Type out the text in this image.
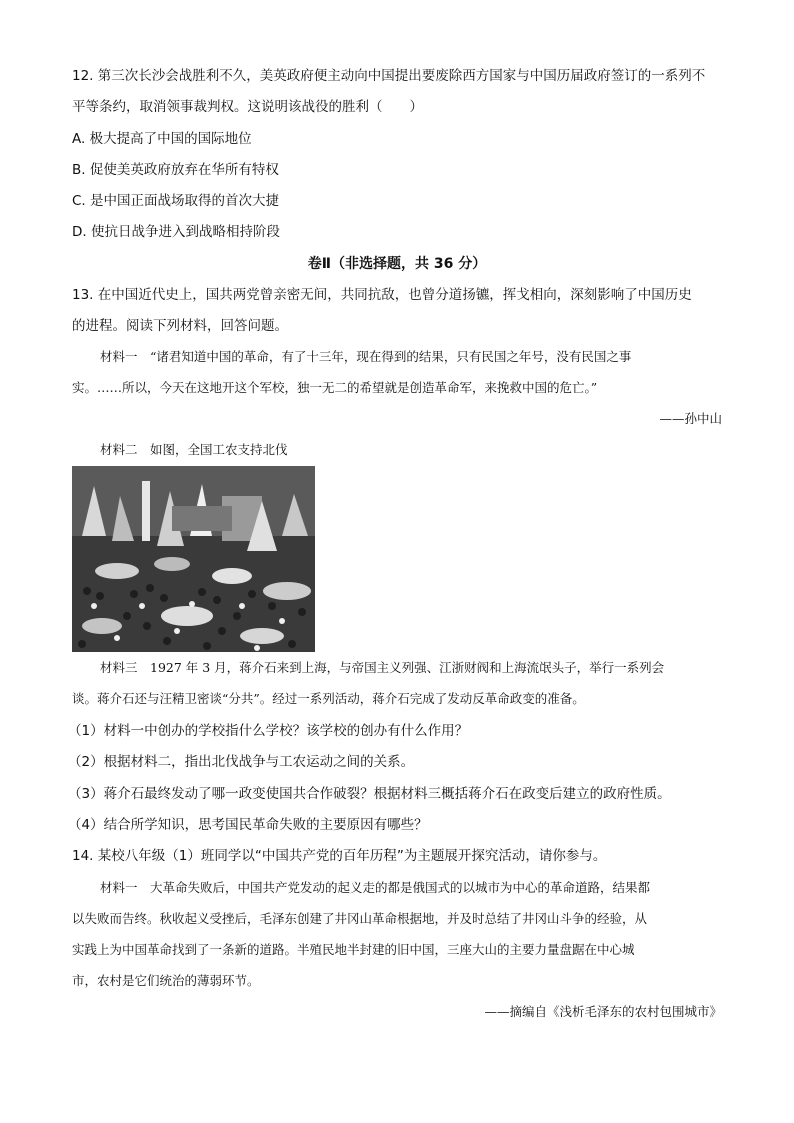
12. 第三次长沙会战胜利不久，美英政府便主动向中国提出要废除西方国家与中国历届政府签订的一系列不
平等条约，取消领事裁判权。这说明该战役的胜利（　　）
A. 极大提高了中国的国际地位
B. 促使美英政府放弃在华所有特权
C. 是中国正面战场取得的首次大捷
D. 使抗日战争进入到战略相持阶段
卷Ⅱ（非选择题，共 36 分）
13. 在中国近代史上，国共两党曾亲密无间，共同抗敌，也曾分道扬镳，挥戈相向，深刻影响了中国历史
的进程。阅读下列材料，回答问题。
材料一　“诸君知道中国的革命，有了十三年，现在得到的结果，只有民国之年号，没有民国之事
实。……所以，今天在这地开这个军校，独一无二的希望就是创造革命军，来挽救中国的危亡。”
——孙中山
材料二　如图，全国工农支持北伐
材料三　1927 年 3 月，蒋介石来到上海，与帝国主义列强、江浙财阀和上海流氓头子，举行一系列会
谈。蒋介石还与汪精卫密谈“分共”。经过一系列活动，蒋介石完成了发动反革命政变的准备。
（1）材料一中创办的学校指什么学校？该学校的创办有什么作用？
（2）根据材料二，指出北伐战争与工农运动之间的关系。
（3）蒋介石最终发动了哪一政变使国共合作破裂？根据材料三概括蒋介石在政变后建立的政府性质。
（4）结合所学知识，思考国民革命失败的主要原因有哪些？
14. 某校八年级（1）班同学以“中国共产党的百年历程”为主题展开探究活动，请你参与。
材料一　大革命失败后，中国共产党发动的起义走的都是俄国式的以城市为中心的革命道路，结果都
以失败而告终。秋收起义受挫后，毛泽东创建了井冈山革命根据地，并及时总结了井冈山斗争的经验，从
实践上为中国革命找到了一条新的道路。半殖民地半封建的旧中国，三座大山的主要力量盘踞在中心城
市，农村是它们统治的薄弱环节。
——摘编自《浅析毛泽东的农村包围城市》
